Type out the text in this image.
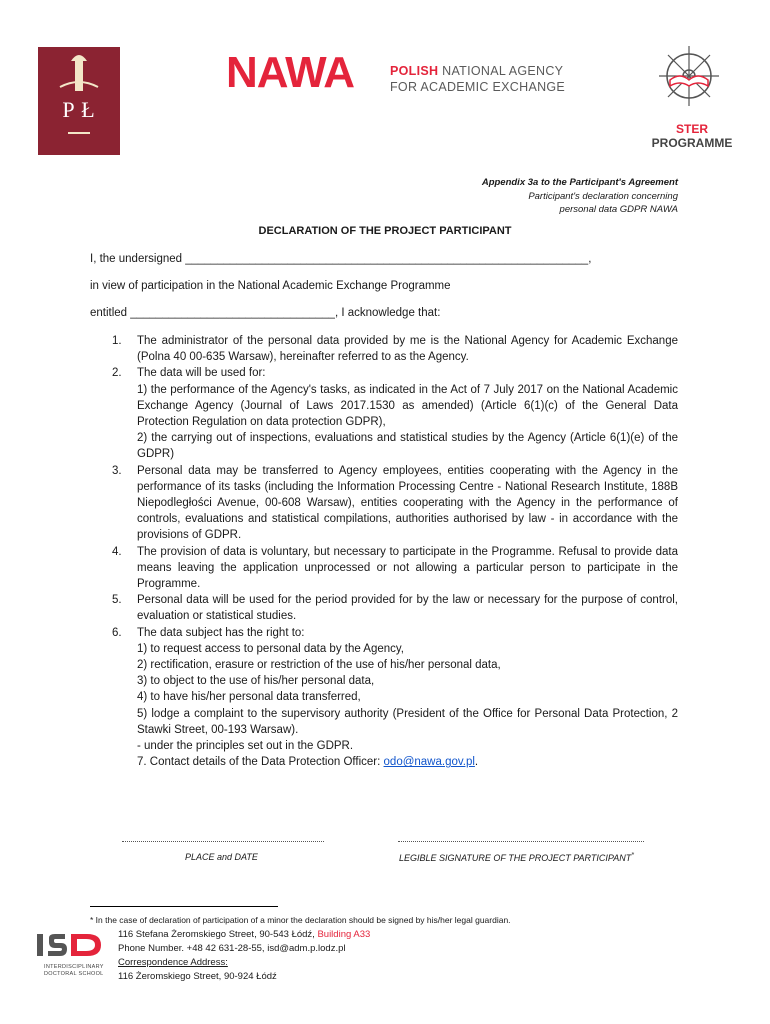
P Ł
NAWA	POLISH NATIONAL AGENCY
FOR ACADEMIC EXCHANGE
STER
PROGRAMME
Appendix 3a to the Participant's Agreement
Participant's declaration concerning
personal data GDPR NAWA
DECLARATION OF THE PROJECT PARTICIPANT
I, the undersigned _______________________________________________________________,
in view of participation in the National Academic Exchange Programme
entitled ________________________________, I acknowledge that:
1.	The administrator of the personal data provided by me is the National Agency for Academic Exchange (Polna 40 00-635 Warsaw), hereinafter referred to as the Agency.
2.	The data will be used for:
1) the performance of the Agency's tasks, as indicated in the Act of 7 July 2017 on the National Academic Exchange Agency (Journal of Laws 2017.1530 as amended) (Article 6(1)(c) of the General Data Protection Regulation on data protection GDPR),
2) the carrying out of inspections, evaluations and statistical studies by the Agency (Article 6(1)(e) of the GDPR)
3.	Personal data may be transferred to Agency employees, entities cooperating with the Agency in the performance of its tasks (including the Information Processing Centre - National Research Institute, 188B Niepodległości Avenue, 00-608 Warsaw), entities cooperating with the Agency in the performance of controls, evaluations and statistical compilations, authorities authorised by law - in accordance with the provisions of GDPR.
4.	The provision of data is voluntary, but necessary to participate in the Programme. Refusal to provide data means leaving the application unprocessed or not allowing a particular person to participate in the Programme.
5.	Personal data will be used for the period provided for by the law or necessary for the purpose of control, evaluation or statistical studies.
6.	The data subject has the right to:
1) to request access to personal data by the Agency,
2) rectification, erasure or restriction of the use of his/her personal data,
3) to object to the use of his/her personal data,
4) to have his/her personal data transferred,
5) lodge a complaint to the supervisory authority (President of the Office for Personal Data Protection, 2 Stawki Street, 00-193 Warsaw).
- under the principles set out in the GDPR.
7. Contact details of the Data Protection Officer: odo@nawa.gov.pl.
PLACE and DATE	LEGIBLE SIGNATURE OF THE PROJECT PARTICIPANT*
* In the case of declaration of participation of a minor the declaration should be signed by his/her legal guardian.
INTERDISCIPLINARY
DOCTORAL SCHOOL
116 Stefana Żeromskiego Street, 90-543 Łódź, Building A33
Phone Number. +48 42 631-28-55, isd@adm.p.lodz.pl
Correspondence Address:
116 Żeromskiego Street, 90-924 Łódź
